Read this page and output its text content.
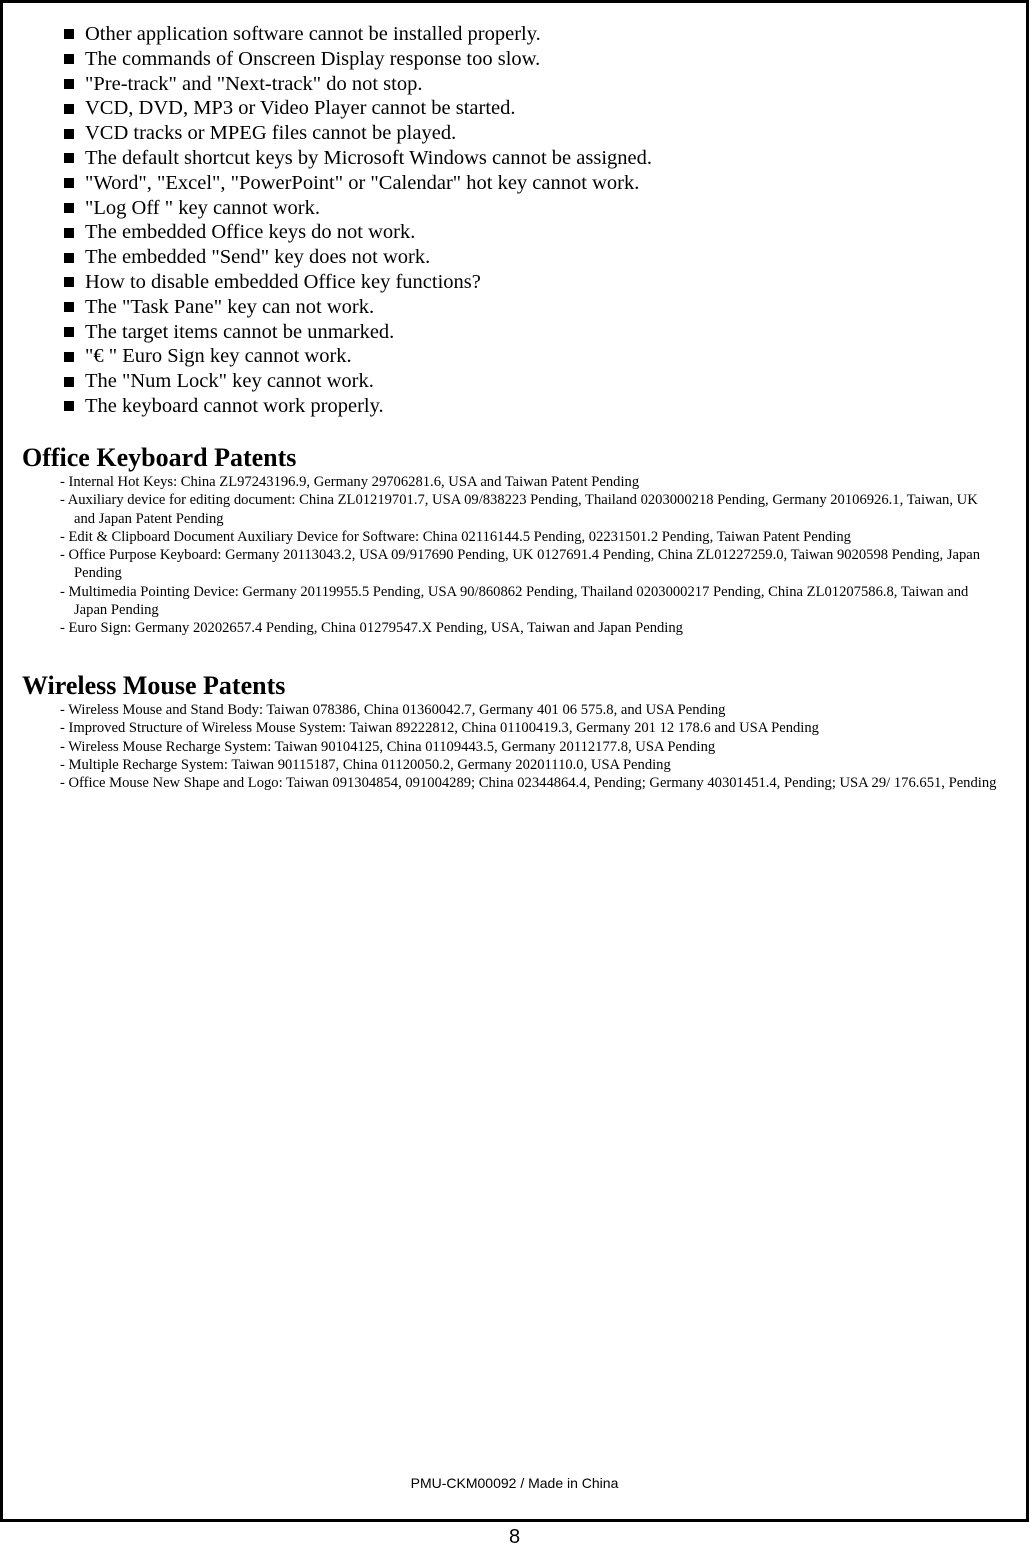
Other application software cannot be installed properly.
The commands of Onscreen Display response too slow.
"Pre-track" and "Next-track" do not stop.
VCD, DVD, MP3 or Video Player cannot be started.
VCD tracks or MPEG files cannot be played.
The default shortcut keys by Microsoft Windows cannot be assigned.
"Word", "Excel", "PowerPoint" or "Calendar" hot key cannot work.
"Log Off " key cannot work.
The embedded Office keys do not work.
The embedded "Send" key does not work.
How to disable embedded Office key functions?
The "Task Pane" key can not work.
The target items cannot be unmarked.
"€ " Euro Sign key cannot work.
The "Num Lock" key cannot work.
The keyboard cannot work properly.
Office Keyboard Patents
- Internal Hot Keys: China ZL97243196.9, Germany 29706281.6, USA and Taiwan Patent Pending
- Auxiliary device for editing document: China ZL01219701.7, USA 09/838223 Pending, Thailand 0203000218 Pending, Germany 20106926.1, Taiwan, UK and Japan Patent Pending
- Edit & Clipboard Document Auxiliary Device for Software: China 02116144.5 Pending, 02231501.2 Pending, Taiwan Patent Pending
- Office Purpose Keyboard: Germany 20113043.2, USA 09/917690 Pending, UK 0127691.4 Pending, China ZL01227259.0, Taiwan 9020598 Pending, Japan Pending
- Multimedia Pointing Device: Germany 20119955.5 Pending, USA 90/860862 Pending, Thailand 0203000217 Pending, China ZL01207586.8, Taiwan and Japan Pending
- Euro Sign: Germany 20202657.4 Pending, China 01279547.X Pending, USA, Taiwan and Japan Pending
Wireless Mouse Patents
- Wireless Mouse and Stand Body: Taiwan 078386, China 01360042.7, Germany 401 06 575.8, and USA Pending
- Improved Structure of Wireless Mouse System: Taiwan 89222812, China 01100419.3, Germany 201 12 178.6 and USA Pending
- Wireless Mouse Recharge System: Taiwan 90104125, China 01109443.5, Germany 20112177.8, USA Pending
- Multiple Recharge System: Taiwan 90115187, China 01120050.2, Germany 20201110.0, USA Pending
- Office Mouse New Shape and Logo: Taiwan 091304854, 091004289; China 02344864.4, Pending; Germany 40301451.4, Pending; USA 29/ 176.651, Pending
PMU-CKM00092 / Made in China
8
